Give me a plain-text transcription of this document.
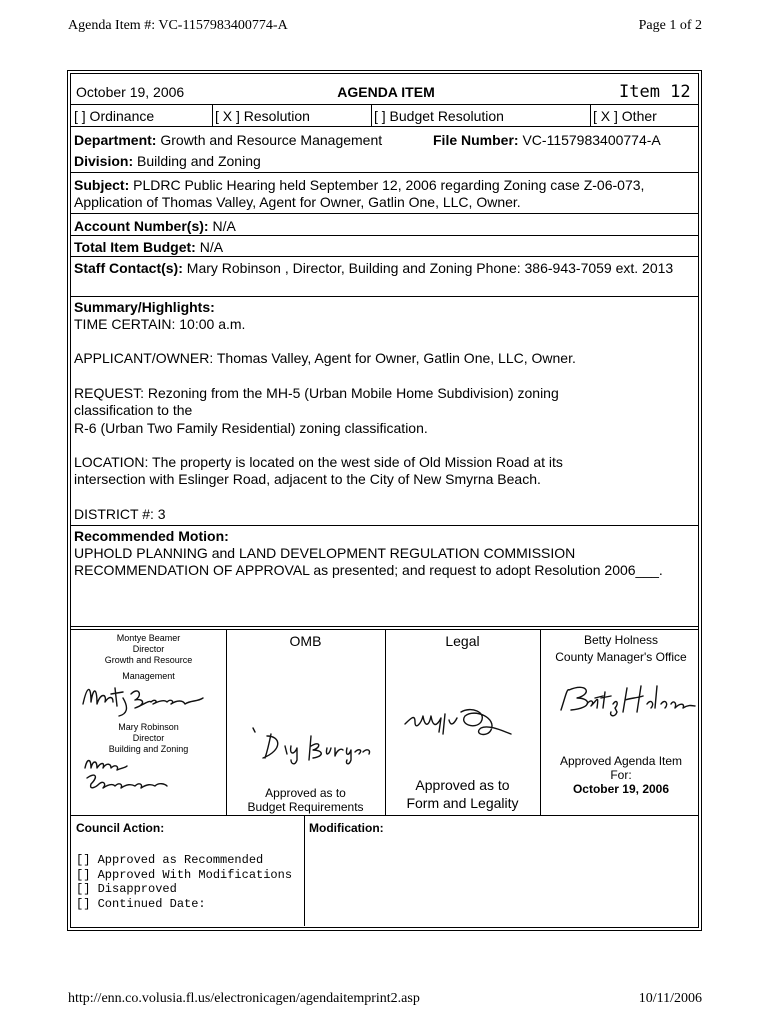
Agenda Item #: VC-1157983400774-A	Page 1 of 2
October 19, 2006	AGENDA ITEM	Item 12
[ ] Ordinance	[ X ] Resolution	[ ] Budget Resolution	[ X ] Other
Department: Growth and Resource Management	File Number: VC-1157983400774-A
Division: Building and Zoning
Subject: PLDRC Public Hearing held September 12, 2006 regarding Zoning case Z-06-073, Application of Thomas Valley, Agent for Owner, Gatlin One, LLC, Owner.
Account Number(s): N/A
Total Item Budget: N/A
Staff Contact(s): Mary Robinson , Director, Building and Zoning Phone: 386-943-7059 ext. 2013
Summary/Highlights:
TIME CERTAIN: 10:00 a.m.
APPLICANT/OWNER: Thomas Valley, Agent for Owner, Gatlin One, LLC, Owner.
REQUEST: Rezoning from the MH-5 (Urban Mobile Home Subdivision) zoning classification to the
R-6 (Urban Two Family Residential) zoning classification.
LOCATION: The property is located on the west side of Old Mission Road at its intersection with Eslinger Road, adjacent to the City of New Smyrna Beach.
DISTRICT #: 3
Recommended Motion:
UPHOLD PLANNING and LAND DEVELOPMENT REGULATION COMMISSION RECOMMENDATION OF APPROVAL as presented; and request to adopt Resolution 2006___.
Montye Beamer
Director
Growth and Resource
Management
Mary Robinson
Director
Building and Zoning
OMB
Approved as to
Budget Requirements
Legal
Approved as to
Form and Legality
Betty Holness
County Manager's Office
Approved Agenda Item
For:
October 19, 2006
Council Action:	Modification:
[] Approved as Recommended
[] Approved With Modifications
[] Disapproved
[] Continued Date:
http://enn.co.volusia.fl.us/electronicagen/agendaitemprint2.asp	10/11/2006
